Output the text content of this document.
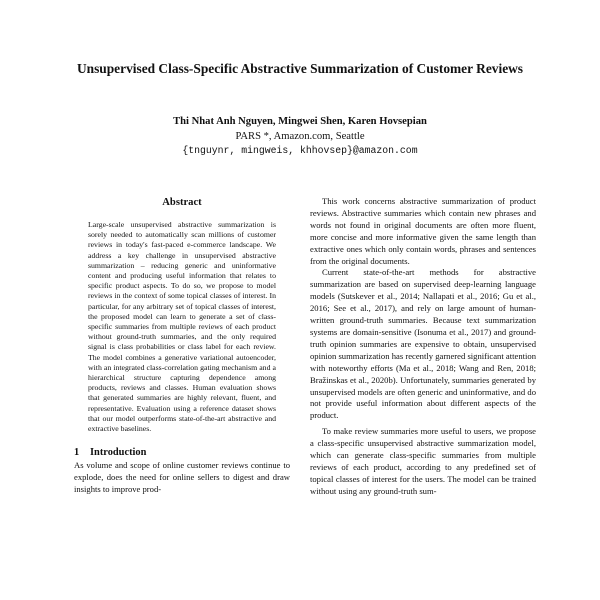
Unsupervised Class-Specific Abstractive Summarization of Customer Reviews
Thi Nhat Anh Nguyen, Mingwei Shen, Karen Hovsepian
PARS *, Amazon.com, Seattle
{tnguynr, mingweis, khhovsep}@amazon.com
Abstract

Large-scale unsupervised abstractive summarization is sorely needed to automatically scan millions of customer reviews in today's fast-paced e-commerce landscape. We address a key challenge in unsupervised abstractive summarization – reducing generic and uninformative content and producing useful information that relates to specific product aspects. To do so, we propose to model reviews in the context of some topical classes of interest. In particular, for any arbitrary set of topical classes of interest, the proposed model can learn to generate a set of class-specific summaries from multiple reviews of each product without ground-truth summaries, and the only required signal is class probabilities or class label for each review. The model combines a generative variational autoencoder, with an integrated class-correlation gating mechanism and a hierarchical structure capturing dependence among products, reviews and classes. Human evaluation shows that generated summaries are highly relevant, fluent, and representative. Evaluation using a reference dataset shows that our model outperforms state-of-the-art abstractive and extractive baselines.

1 Introduction

As volume and scope of online customer reviews continue to explode, does the need for online sellers to digest and draw insights to improve prod-

This work concerns abstractive summarization of product reviews. Abstractive summaries which contain new phrases and words not found in original documents are often more fluent, more concise and more informative given the same length than extractive ones which only contain words, phrases and sentences from the original documents.

Current state-of-the-art methods for abstractive summarization are based on supervised deep-learning language models (Sutskever et al., 2014; Nallapati et al., 2016; Gu et al., 2016; See et al., 2017), and rely on large amount of human-written ground-truth summaries. Because text summarization systems are domain-sensitive (Isonuma et al., 2017) and ground-truth opinion summaries are expensive to obtain, unsupervised opinion summarization has recently garnered significant attention with noteworthy efforts (Ma et al., 2018; Wang and Ren, 2018; Bražinskas et al., 2020b). Unfortunately, summaries generated by unsupervised models are often generic and uninformative, and do not provide useful information about different aspects of the product.

To make review summaries more useful to users, we propose a class-specific unsupervised abstractive summarization model, which can generate class-specific summaries from multiple reviews of each product, according to any predefined set of topical classes of interest for the users. The model can be trained without using any ground-truth sum-
